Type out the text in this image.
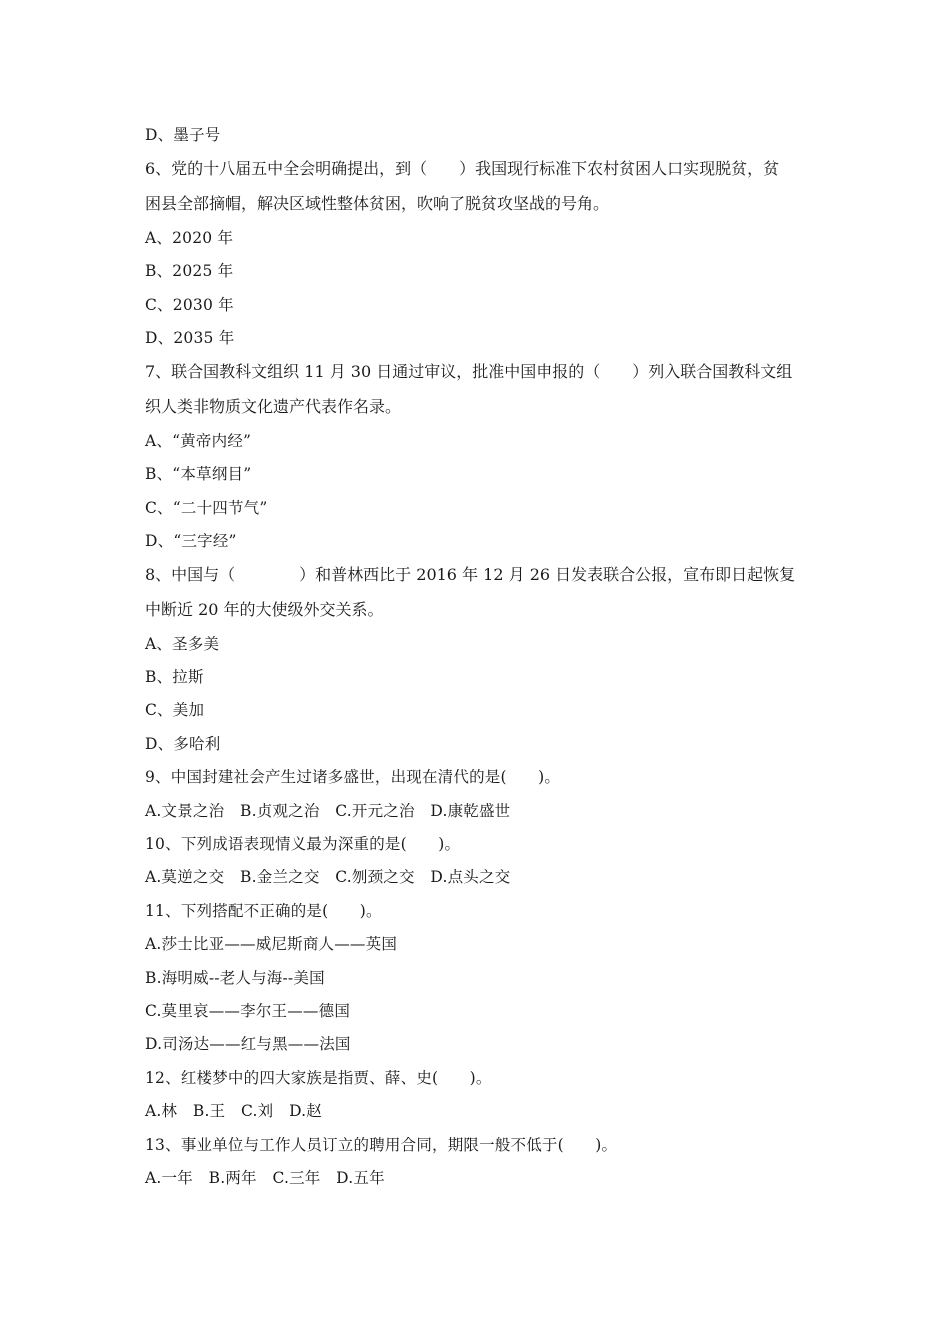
D、墨子号
6、党的十八届五中全会明确提出，到（　　）我国现行标准下农村贫困人口实现脱贫，贫
困县全部摘帽，解决区域性整体贫困，吹响了脱贫攻坚战的号角。
A、2020 年
B、2025 年
C、2030 年
D、2035 年
7、联合国教科文组织 11 月 30 日通过审议，批准中国申报的（　　）列入联合国教科文组
织人类非物质文化遗产代表作名录。
A、“黄帝内经”
B、“本草纲目”
C、“二十四节气”
D、“三字经”
8、中国与（　　　　）和普林西比于 2016 年 12 月 26 日发表联合公报，宣布即日起恢复
中断近 20 年的大使级外交关系。
A、圣多美
B、拉斯
C、美加
D、多哈利
9、中国封建社会产生过诸多盛世，出现在清代的是(　　)。
A.文景之治　B.贞观之治　C.开元之治　D.康乾盛世
10、下列成语表现情义最为深重的是(　　)。
A.莫逆之交　B.金兰之交　C.刎颈之交　D.点头之交
11、下列搭配不正确的是(　　)。
A.莎士比亚——威尼斯商人——英国
B.海明威--老人与海--美国
C.莫里哀——李尔王——德国
D.司汤达——红与黑——法国
12、红楼梦中的四大家族是指贾、薛、史(　　)。
A.林　B.王　C.刘　D.赵
13、事业单位与工作人员订立的聘用合同，期限一般不低于(　　)。
A.一年　B.两年　C.三年　D.五年
